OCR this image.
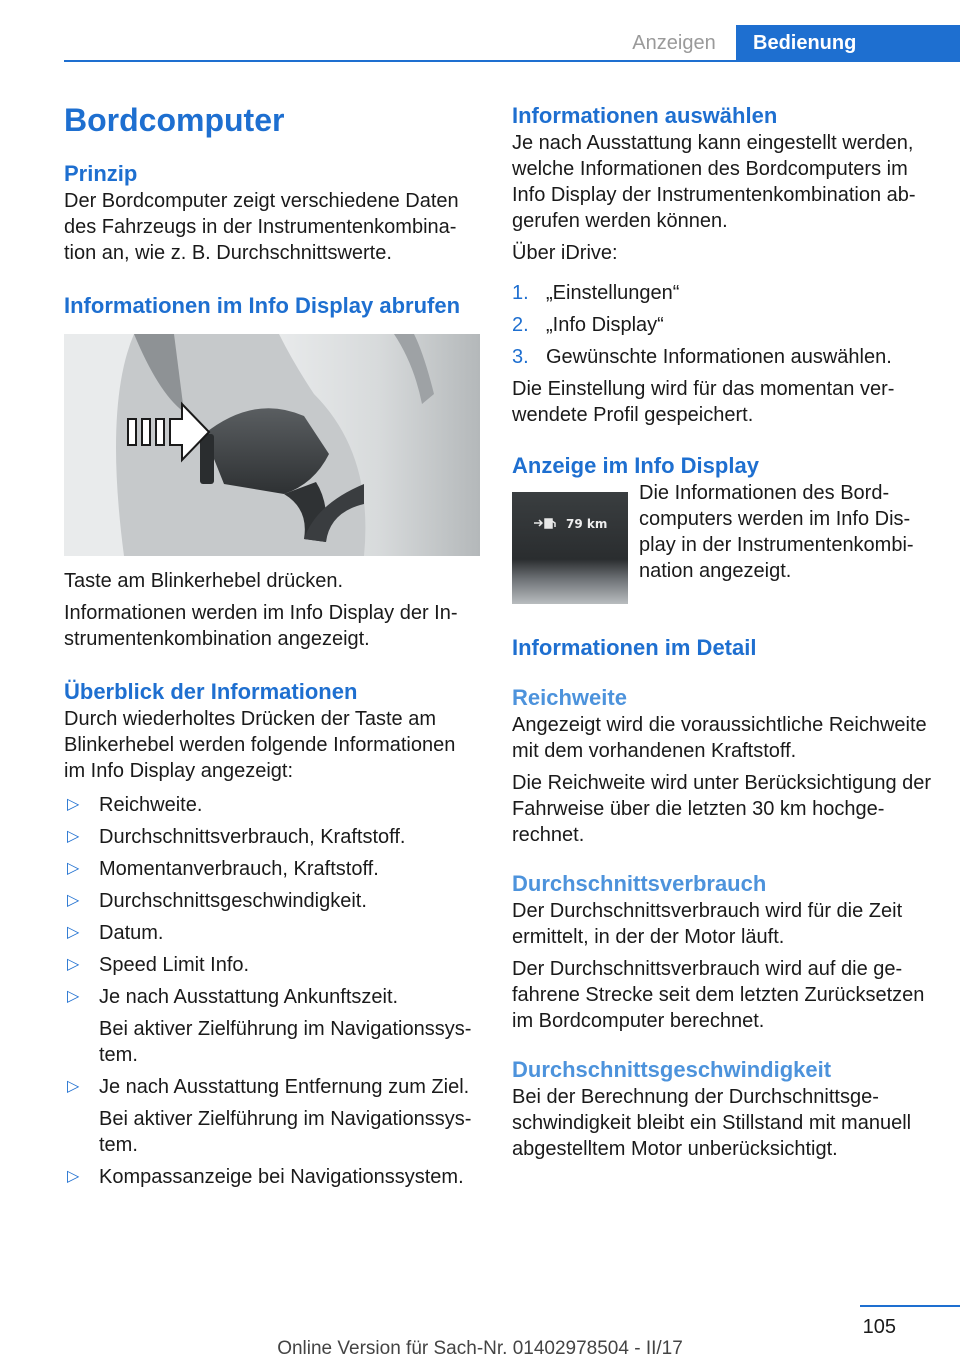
Anzeigen	Bedienung
Bordcomputer
Prinzip

Der Bordcomputer zeigt verschiedene Daten des Fahrzeugs in der Instrumentenkombination an, wie z. B. Durchschnittswerte.

Informationen im Info Display abrufen

Taste am Blinkerhebel drücken.

Informationen werden im Info Display der Instrumentenkombination angezeigt.

Überblick der Informationen

Durch wiederholtes Drücken der Taste am Blinkerhebel werden folgende Informationen im Info Display angezeigt:

▷ Reichweite.
▷ Durchschnittsverbrauch, Kraftstoff.
▷ Momentanverbrauch, Kraftstoff.
▷ Durchschnittsgeschwindigkeit.
▷ Datum.
▷ Speed Limit Info.
▷ Je nach Ausstattung Ankunftszeit.
Bei aktiver Zielführung im Navigationssystem.
▷ Je nach Ausstattung Entfernung zum Ziel.
Bei aktiver Zielführung im Navigationssystem.
▷ Kompassanzeige bei Navigationssystem.
Informationen auswählen

Je nach Ausstattung kann eingestellt werden, welche Informationen des Bordcomputers im Info Display der Instrumentenkombination abgerufen werden können.

Über iDrive:

1. „Einstellungen“
2. „Info Display“
3. Gewünschte Informationen auswählen.

Die Einstellung wird für das momentan verwendete Profil gespeichert.

Anzeige im Info Display
79 km

Die Informationen des Bordcomputers werden im Info Display in der Instrumentenkombination angezeigt.

Informationen im Detail
Reichweite

Angezeigt wird die voraussichtliche Reichweite mit dem vorhandenen Kraftstoff.

Die Reichweite wird unter Berücksichtigung der Fahrweise über die letzten 30 km hochgerechnet.

Durchschnittsverbrauch

Der Durchschnittsverbrauch wird für die Zeit ermittelt, in der der Motor läuft.

Der Durchschnittsverbrauch wird auf die gefahrene Strecke seit dem letzten Zurücksetzen im Bordcomputer berechnet.

Durchschnittsgeschwindigkeit

Bei der Berechnung der Durchschnittsgeschwindigkeit bleibt ein Stillstand mit manuell abgestelltem Motor unberücksichtigt.

105
Online Version für Sach-Nr. 01402978504 - II/17
